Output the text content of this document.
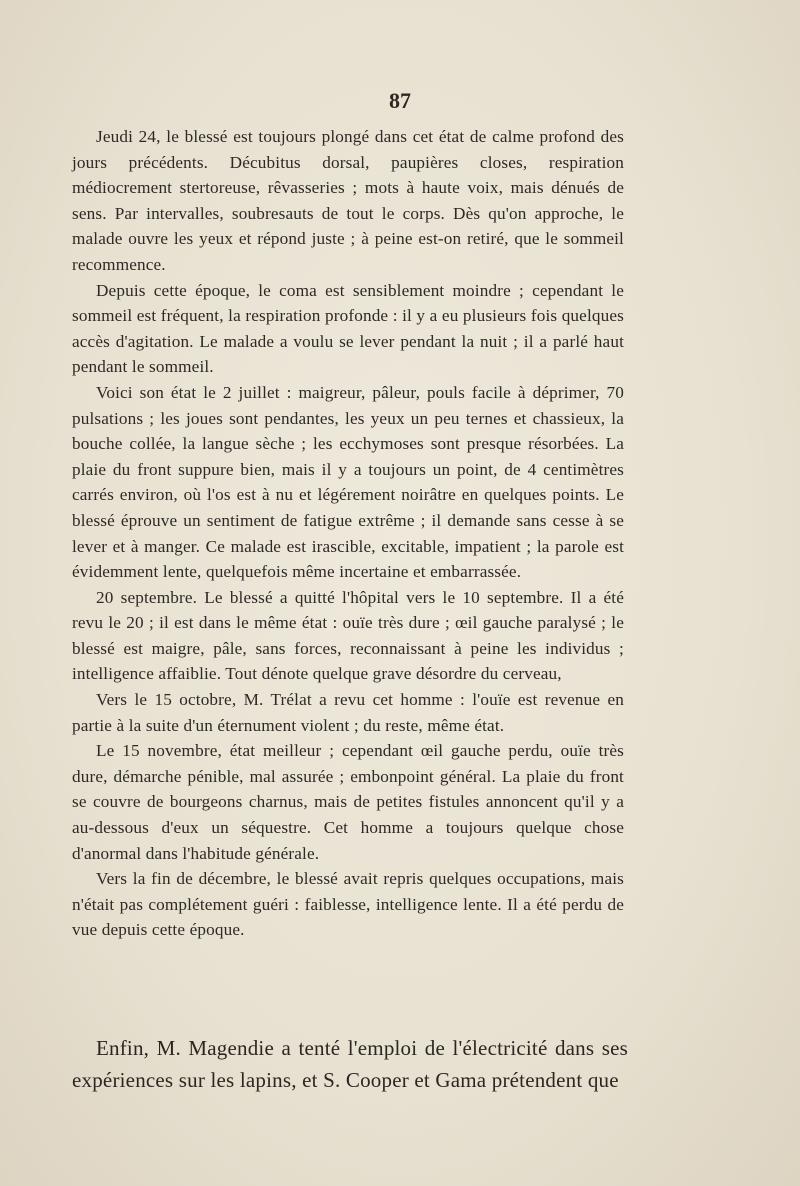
87

Jeudi 24, le blessé est toujours plongé dans cet état de calme profond des jours précédents. Décubitus dorsal, paupières closes, respiration médiocrement stertoreuse, rêvasseries ; mots à haute voix, mais dénués de sens. Par intervalles, soubresauts de tout le corps. Dès qu'on approche, le malade ouvre les yeux et répond juste ; à peine est-on retiré, que le sommeil recommence.

Depuis cette époque, le coma est sensiblement moindre ; cependant le sommeil est fréquent, la respiration profonde : il y a eu plusieurs fois quelques accès d'agitation. Le malade a voulu se lever pendant la nuit ; il a parlé haut pendant le sommeil.

Voici son état le 2 juillet : maigreur, pâleur, pouls facile à déprimer, 70 pulsations ; les joues sont pendantes, les yeux un peu ternes et chassieux, la bouche collée, la langue sèche ; les ecchymoses sont presque résorbées. La plaie du front suppure bien, mais il y a toujours un point, de 4 centimètres carrés environ, où l'os est à nu et légérement noirâtre en quelques points. Le blessé éprouve un sentiment de fatigue extrême ; il demande sans cesse à se lever et à manger. Ce malade est irascible, excitable, impatient ; la parole est évidemment lente, quelquefois même incertaine et embarrassée.

20 septembre. Le blessé a quitté l'hôpital vers le 10 septembre. Il a été revu le 20 ; il est dans le même état : ouïe très dure ; œil gauche paralysé ; le blessé est maigre, pâle, sans forces, reconnaissant à peine les individus ; intelligence affaiblie. Tout dénote quelque grave désordre du cerveau,

Vers le 15 octobre, M. Trélat a revu cet homme : l'ouïe est revenue en partie à la suite d'un éternument violent ; du reste, même état.

Le 15 novembre, état meilleur ; cependant œil gauche perdu, ouïe très dure, démarche pénible, mal assurée ; embonpoint général. La plaie du front se couvre de bourgeons charnus, mais de petites fistules annoncent qu'il y a au-dessous d'eux un séquestre. Cet homme a toujours quelque chose d'anormal dans l'habitude générale.

Vers la fin de décembre, le blessé avait repris quelques occupations, mais n'était pas complétement guéri : faiblesse, intelligence lente. Il a été perdu de vue depuis cette époque.

Enfin, M. Magendie a tenté l'emploi de l'électricité dans ses expériences sur les lapins, et S. Cooper et Gama prétendent que
